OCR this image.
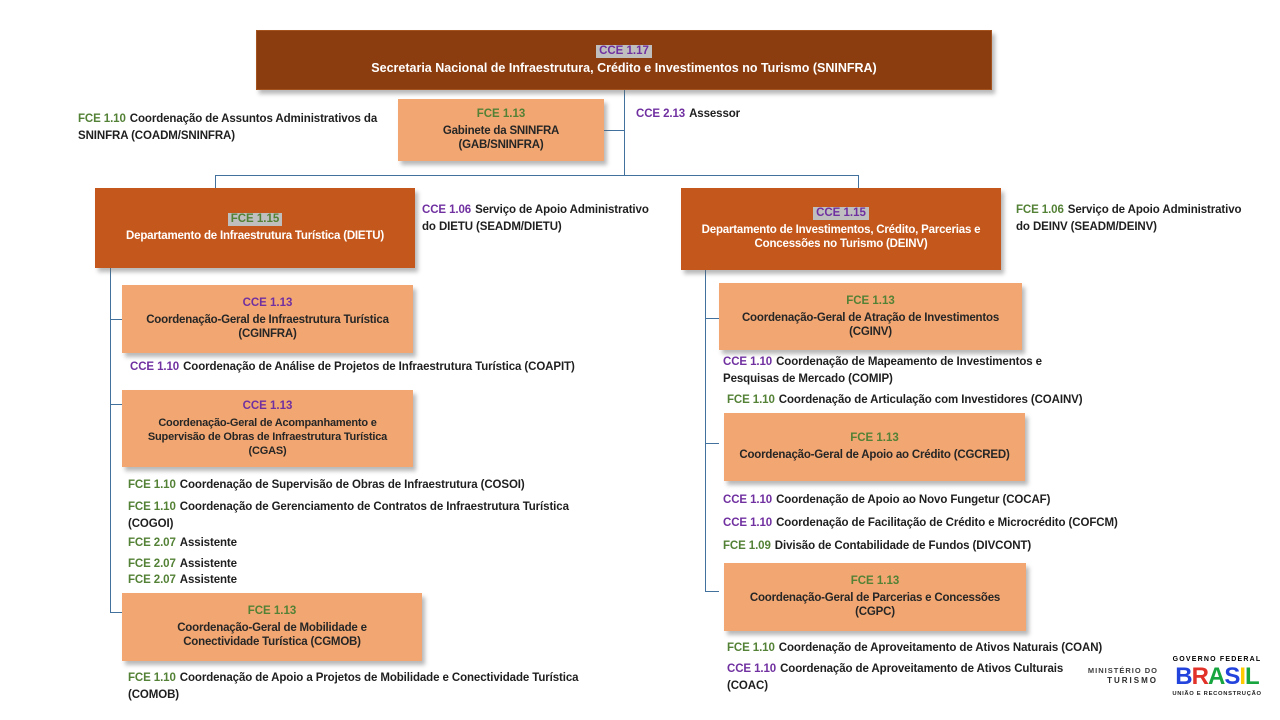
CCE 1.17
Secretaria Nacional de Infraestrutura, Crédito e Investimentos no Turismo (SNINFRA)
FCE 1.13
Gabinete da SNINFRA (GAB/SNINFRA)
FCE 1.15
Departamento de Infraestrutura Turística (DIETU)
CCE 1.15
Departamento de Investimentos, Crédito, Parcerias e Concessões no Turismo (DEINV)
CCE 1.13
Coordenação-Geral de Infraestrutura Turística (CGINFRA)
CCE 1.13
Coordenação-Geral de Acompanhamento e Supervisão de Obras de Infraestrutura Turística (CGAS)
FCE 1.13
Coordenação-Geral de Mobilidade e Conectividade Turística (CGMOB)
FCE 1.13
Coordenação-Geral de Atração de Investimentos (CGINV)
FCE 1.13
Coordenação-Geral de Apoio ao Crédito (CGCRED)
FCE 1.13
Coordenação-Geral de Parcerias e Concessões (CGPC)
FCE 1.10 Coordenação de Assuntos Administrativos da SNINFRA (COADM/SNINFRA)
CCE 2.13 Assessor
CCE 1.06 Serviço de Apoio Administrativo do DIETU (SEADM/DIETU)
FCE 1.06 Serviço de Apoio Administrativo do DEINV (SEADM/DEINV)
CCE 1.10 Coordenação de Análise de Projetos de Infraestrutura Turística (COAPIT)
FCE 1.10 Coordenação de Supervisão de Obras de Infraestrutura (COSOI)
FCE 1.10 Coordenação de Gerenciamento de Contratos de Infraestrutura Turística (COGOI)
FCE 2.07 Assistente
FCE 2.07 Assistente
FCE 2.07 Assistente
FCE 1.10 Coordenação de Apoio a Projetos de Mobilidade e Conectividade Turística (COMOB)
CCE 1.10 Coordenação de Mapeamento de Investimentos e Pesquisas de Mercado (COMIP)
FCE 1.10 Coordenação de Articulação com Investidores (COAINV)
CCE 1.10 Coordenação de Apoio ao Novo Fungetur (COCAF)
CCE 1.10 Coordenação de Facilitação de Crédito e Microcrédito (COFCM)
FCE 1.09 Divisão de Contabilidade de Fundos (DIVCONT)
FCE 1.10 Coordenação de Aproveitamento de Ativos Naturais (COAN)
CCE 1.10 Coordenação de Aproveitamento de Ativos Culturais (COAC)
MINISTÉRIO DO
TURISMO
GOVERNO FEDERAL
BRASIL
UNIÃO E RECONSTRUÇÃO
